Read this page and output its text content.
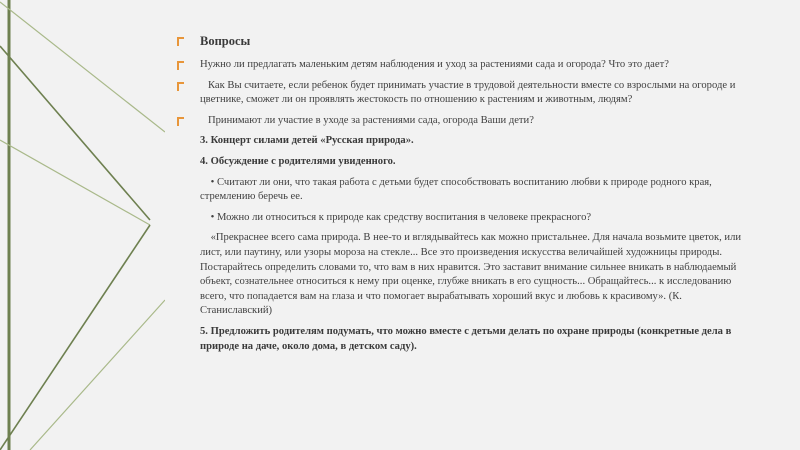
Вопросы
Нужно ли предлагать маленьким детям наблюдения и уход за растениями сада и огорода? Что это дает?
Как Вы считаете, если ребенок будет принимать участие в трудовой деятельности вместе со взрослыми на огороде и цветнике, сможет ли он проявлять жестокость по отношению к растениям и животным, людям?
Принимают ли участие в уходе за растениями сада, огорода Ваши дети?
3. Концерт силами детей «Русская природа».
4. Обсуждение с родителями увиденного.
• Считают ли они, что такая работа с детьми будет способствовать воспитанию любви к природе родного края, стремлению беречь ее.
• Можно ли относиться к природе как средству воспитания в человеке прекрасного?
«Прекраснее всего сама природа. В нее-то и вглядывайтесь как можно пристальнее. Для начала возьмите цветок, или лист, или паутину, или узоры мороза на стекле... Все это произведения искусства величайшей художницы природы. Постарайтесь определить словами то, что вам в них нравится. Это заставит внимание сильнее вникать в наблюдаемый объект, сознательнее относиться к нему при оценке, глубже вникать в его сущность... Обращайтесь... к исследованию всего, что попадается вам на глаза и что помогает вырабатывать хороший вкус и любовь к красивому». (К. Станиславский)
5. Предложить родителям подумать, что можно вместе с детьми делать по охране природы (конкретные дела в природе на даче, около дома, в детском саду).
